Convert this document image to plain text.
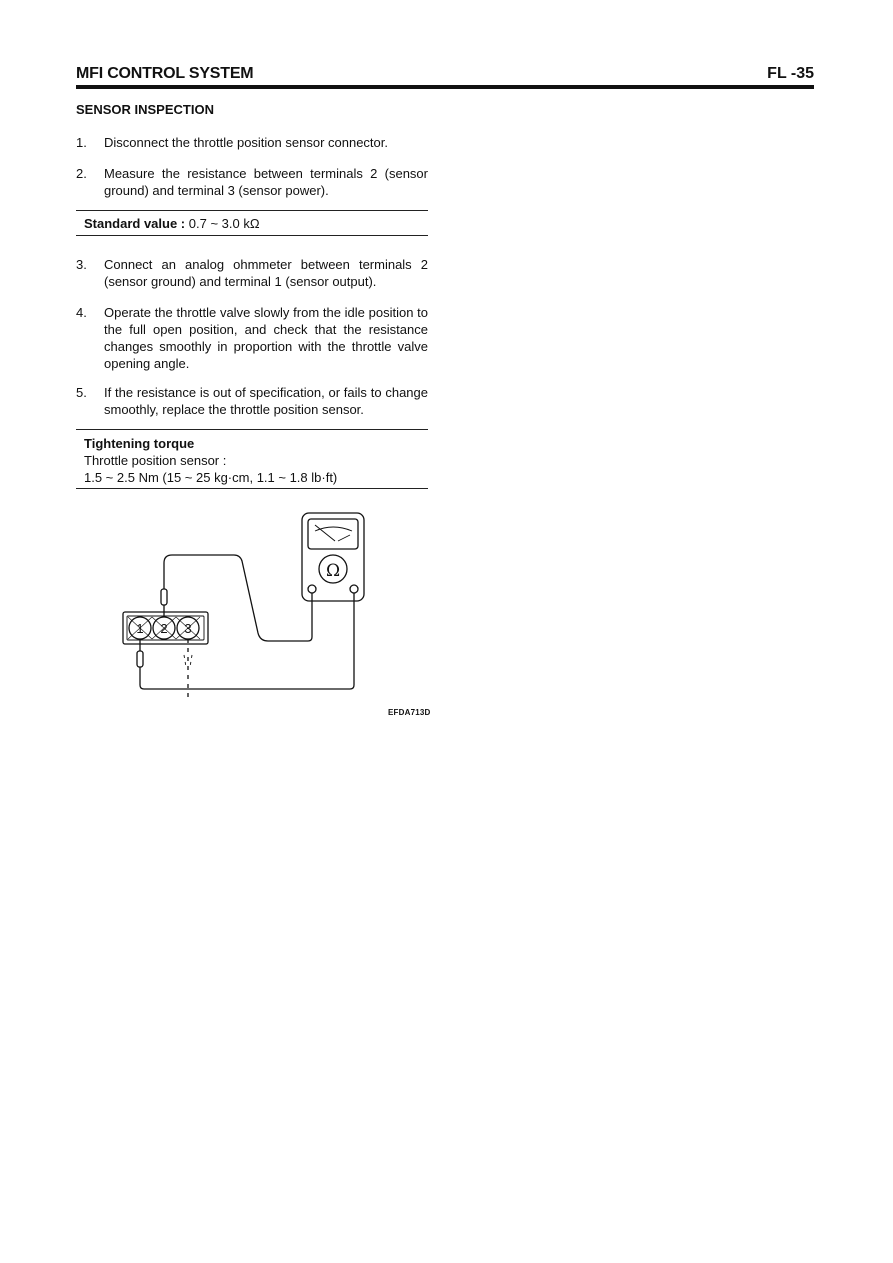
MFI CONTROL SYSTEM	FL -35
SENSOR INSPECTION
1.	Disconnect the throttle position sensor connector.
2.	Measure the resistance between terminals 2 (sensor ground) and terminal 3 (sensor power).
Standard value : 0.7 ~ 3.0 kΩ
3.	Connect an analog ohmmeter between terminals 2 (sensor ground) and terminal 1 (sensor output).
4.	Operate the throttle valve slowly from the idle position to the full open position, and check that the resistance changes smoothly in proportion with the throttle valve opening angle.
5.	If the resistance is out of specification, or fails to change smoothly, replace the throttle position sensor.
Tightening torque
Throttle position sensor :
1.5 ~ 2.5 Nm (15 ~ 25 kg·cm, 1.1 ~ 1.8 lb·ft)
Ω
1 2 3
EFDA713D
